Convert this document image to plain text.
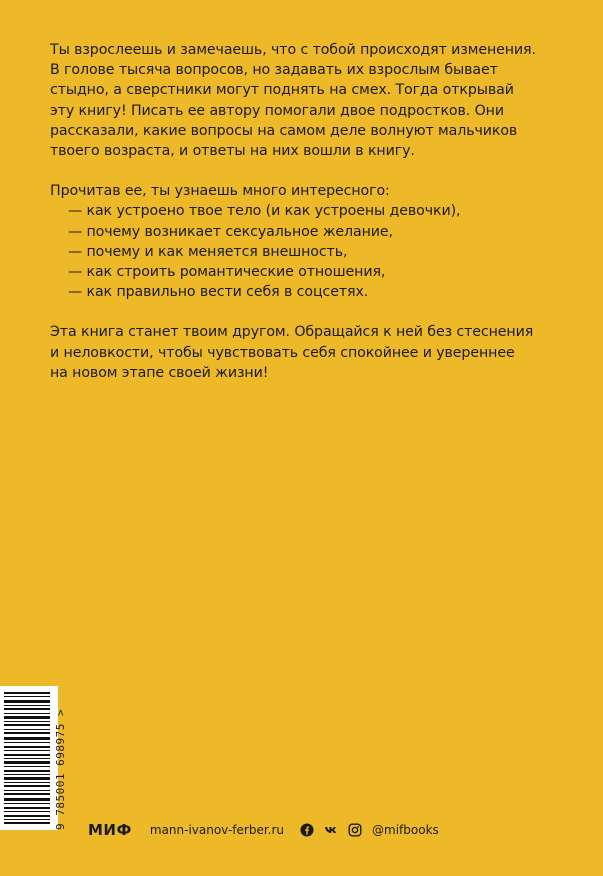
Ты взрослеешь и замечаешь, что с тобой происходят изменения.
В голове тысяча вопросов, но задавать их взрослым бывает
стыдно, а сверстники могут поднять на смех. Тогда открывай
эту книгу! Писать ее автору помогали двое подростков. Они
рассказали, какие вопросы на самом деле волнуют мальчиков
твоего возраста, и ответы на них вошли в книгу.
Прочитав ее, ты узнаешь много интересного:
— как устроено твое тело (и как устроены девочки),
— почему возникает сексуальное желание,
— почему и как меняется внешность,
— как строить романтические отношения,
— как правильно вести себя в соцсетях.
Эта книга станет твоим другом. Обращайся к ней без стеснения
и неловкости, чтобы чувствовать себя спокойнее и увереннее
на новом этапе своей жизни!
9 785001 698975 > МИФ mann-ivanov-ferber.ru	@mifbooks
